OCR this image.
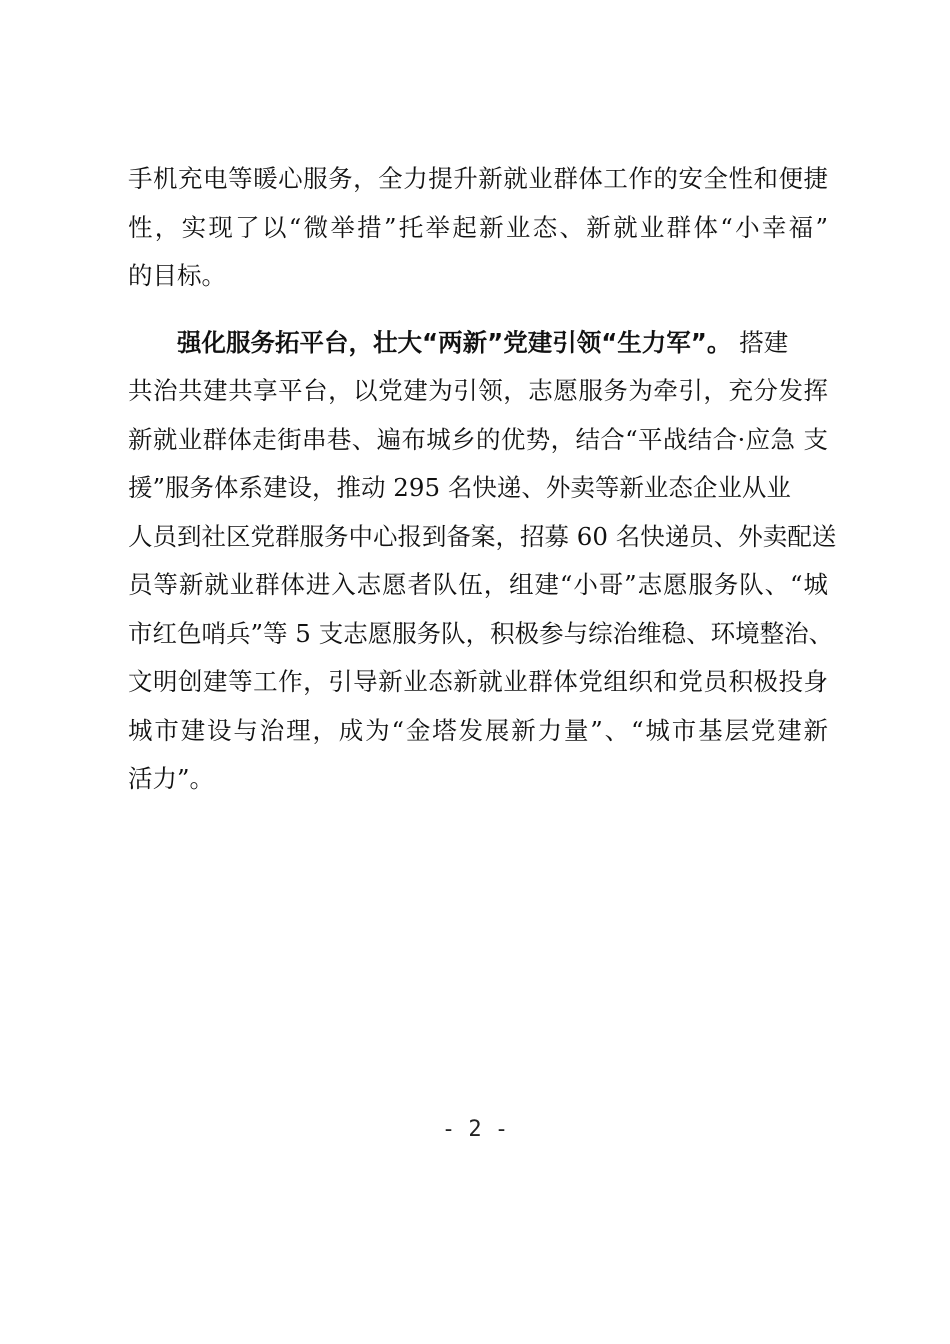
手机充电等暖心服务，全力提升新就业群体工作的安全性和便捷
性，实现了以“微举措”托举起新业态、新就业群体“小幸福”
的目标。
强化服务拓平台，壮大“两新”党建引领“生力军”。 搭建
共治共建共享平台，以党建为引领，志愿服务为牵引，充分发挥
新就业群体走街串巷、遍布城乡的优势，结合“平战结合·应急 支
援”服务体系建设，推动 295 名快递、外卖等新业态企业从业
人员到社区党群服务中心报到备案，招募 60 名快递员、外卖配送
员等新就业群体进入志愿者队伍，组建“小哥”志愿服务队、“城
市红色哨兵”等 5 支志愿服务队，积极参与综治维稳、环境整治、
文明创建等工作，引导新业态新就业群体党组织和党员积极投身
城市建设与治理，成为“金塔发展新力量”、“城市基层党建新
活力”。
- 2 -
